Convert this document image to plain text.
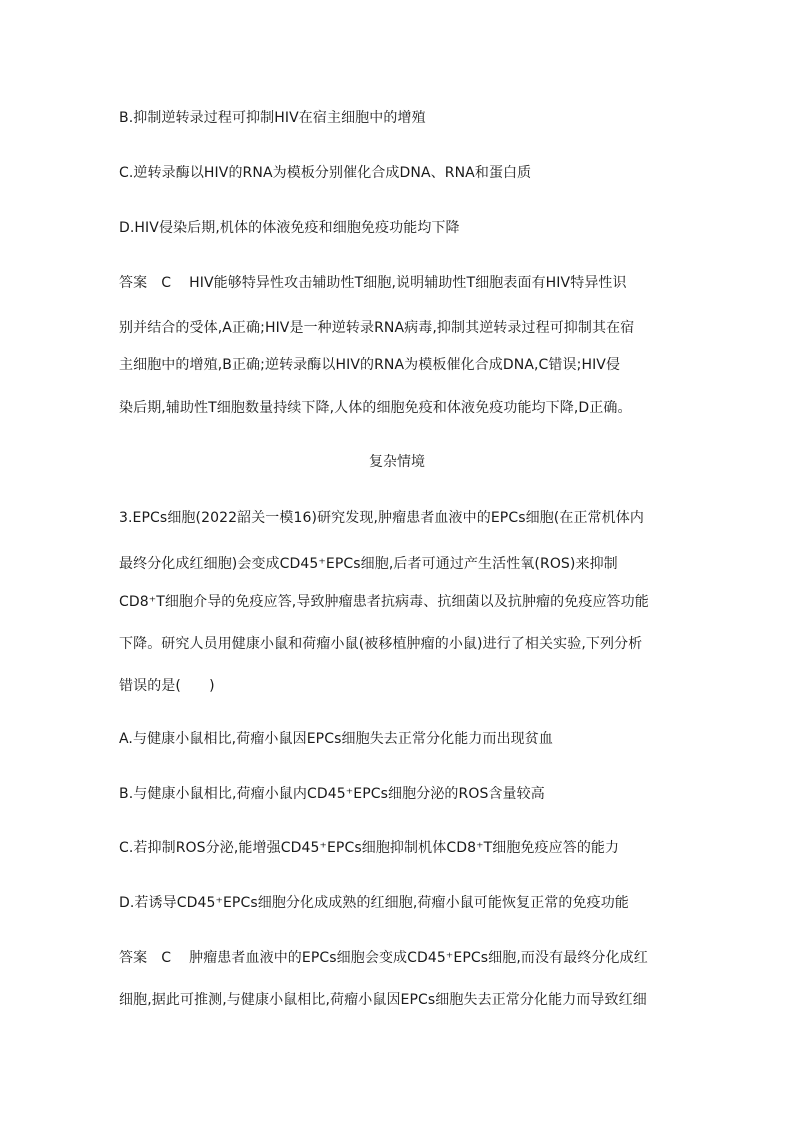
B.抑制逆转录过程可抑制HIV在宿主细胞中的增殖
C.逆转录酶以HIV的RNA为模板分别催化合成DNA、RNA和蛋白质
D.HIV侵染后期,机体的体液免疫和细胞免疫功能均下降
答案 C HIV能够特异性攻击辅助性T细胞,说明辅助性T细胞表面有HIV特异性识
别并结合的受体,A正确;HIV是一种逆转录RNA病毒,抑制其逆转录过程可抑制其在宿
主细胞中的增殖,B正确;逆转录酶以HIV的RNA为模板催化合成DNA,C错误;HIV侵
染后期,辅助性T细胞数量持续下降,人体的细胞免疫和体液免疫功能均下降,D正确。
复杂情境
3.EPCs细胞(2022韶关一模16)研究发现,肿瘤患者血液中的EPCs细胞(在正常机体内
最终分化成红细胞)会变成CD45⁺EPCs细胞,后者可通过产生活性氧(ROS)来抑制
CD8⁺T细胞介导的免疫应答,导致肿瘤患者抗病毒、抗细菌以及抗肿瘤的免疫应答功能
下降。研究人员用健康小鼠和荷瘤小鼠(被移植肿瘤的小鼠)进行了相关实验,下列分析
错误的是(　　)
A.与健康小鼠相比,荷瘤小鼠因EPCs细胞失去正常分化能力而出现贫血
B.与健康小鼠相比,荷瘤小鼠内CD45⁺EPCs细胞分泌的ROS含量较高
C.若抑制ROS分泌,能增强CD45⁺EPCs细胞抑制机体CD8⁺T细胞免疫应答的能力
D.若诱导CD45⁺EPCs细胞分化成成熟的红细胞,荷瘤小鼠可能恢复正常的免疫功能
答案 C 肿瘤患者血液中的EPCs细胞会变成CD45⁺EPCs细胞,而没有最终分化成红
细胞,据此可推测,与健康小鼠相比,荷瘤小鼠因EPCs细胞失去正常分化能力而导致红细
